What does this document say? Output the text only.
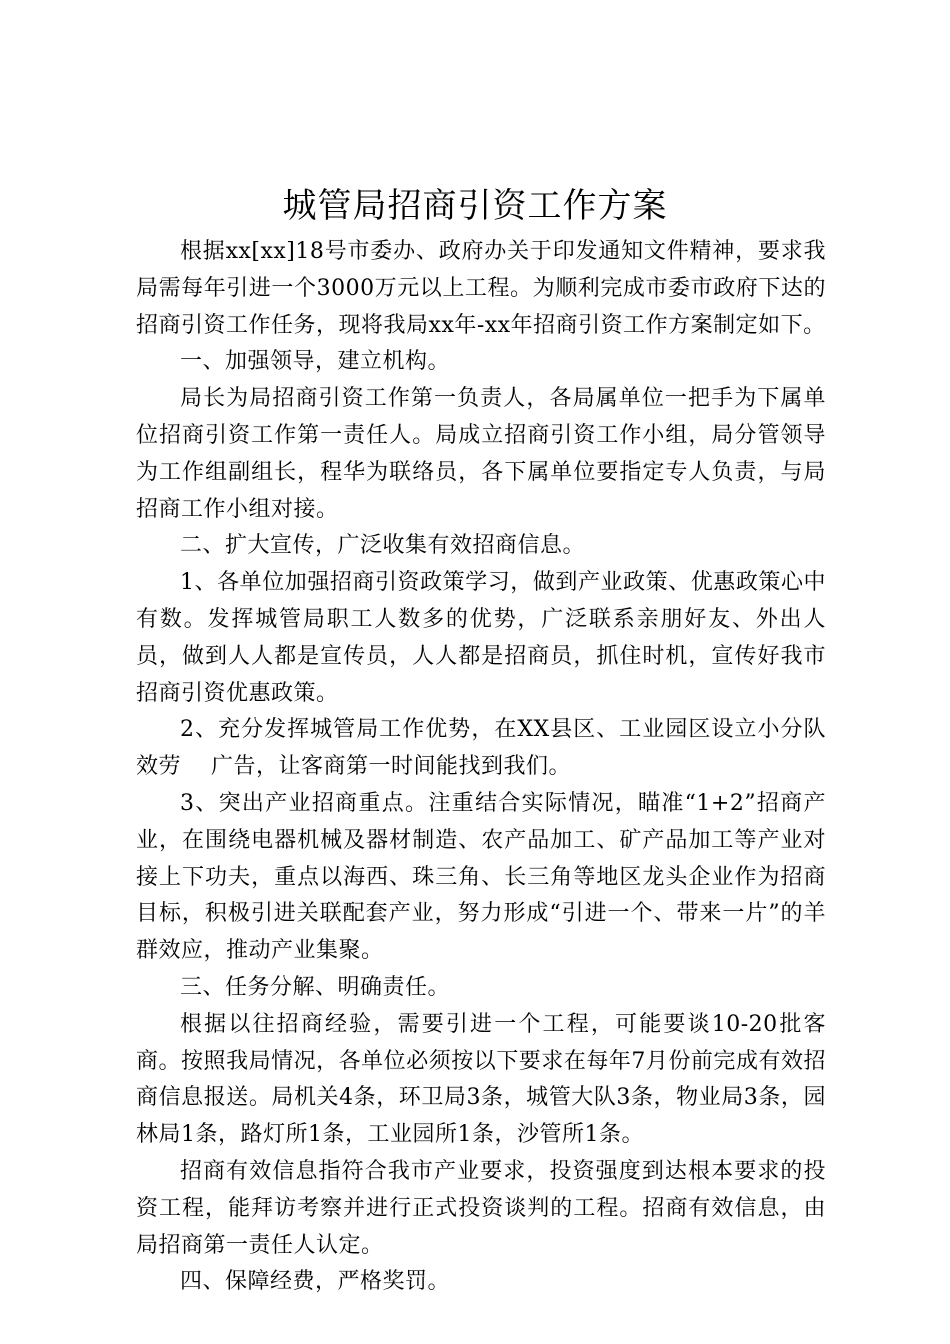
城管局招商引资工作方案

根据xx[xx]18号市委办、政府办关于印发通知文件精神，要求我局需每年引进一个3000万元以上工程。为顺利完成市委市政府下达的招商引资工作任务，现将我局xx年-xx年招商引资工作方案制定如下。

一、加强领导，建立机构。

局长为局招商引资工作第一负责人，各局属单位一把手为下属单位招商引资工作第一责任人。局成立招商引资工作小组，局分管领导为工作组副组长，程华为联络员，各下属单位要指定专人负责，与局招商工作小组对接。

二、扩大宣传，广泛收集有效招商信息。

1、各单位加强招商引资政策学习，做到产业政策、优惠政策心中有数。发挥城管局职工人数多的优势，广泛联系亲朋好友、外出人员，做到人人都是宣传员，人人都是招商员，抓住时机，宣传好我市招商引资优惠政策。

2、充分发挥城管局工作优势，在XX县区、工业园区设立小分队效劳　 广告，让客商第一时间能找到我们。

3、突出产业招商重点。注重结合实际情况，瞄准“1+2”招商产业，在围绕电器机械及器材制造、农产品加工、矿产品加工等产业对接上下功夫，重点以海西、珠三角、长三角等地区龙头企业作为招商目标，积极引进关联配套产业，努力形成“引进一个、带来一片”的羊群效应，推动产业集聚。

三、任务分解、明确责任。

根据以往招商经验，需要引进一个工程，可能要谈10-20批客商。按照我局情况，各单位必须按以下要求在每年7月份前完成有效招商信息报送。局机关4条，环卫局3条，城管大队3条，物业局3条，园林局1条，路灯所1条，工业园所1条，沙管所1条。

招商有效信息指符合我市产业要求，投资强度到达根本要求的投资工程，能拜访考察并进行正式投资谈判的工程。招商有效信息，由局招商第一责任人认定。

四、保障经费，严格奖罚。
